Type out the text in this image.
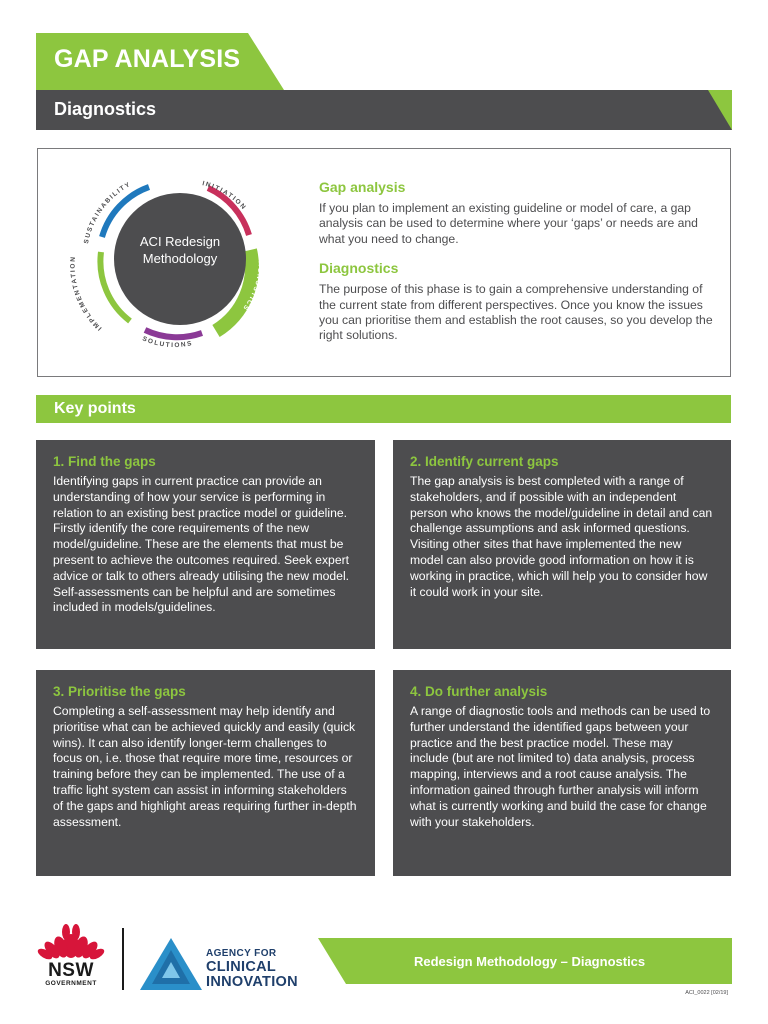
GAP ANALYSIS
Diagnostics
ACI Redesign
Methodology
INITIATION
DIAGNOSTICS
SOLUTIONS
IMPLEMENTATION
SUSTAINABILITY	Gap analysis

If you plan to implement an existing guideline or model of care, a gap analysis can be used to determine where your ‘gaps’ or needs are and what you need to change.

Diagnostics

The purpose of this phase is to gain a comprehensive understanding of the current state from different perspectives. Once you know the issues you can prioritise them and establish the root causes, so you develop the right solutions.

Key points
1. Find the gaps

Identifying gaps in current practice can provide an understanding of how your service is performing in relation to an existing best practice model or guideline. Firstly identify the core requirements of the new model/guideline. These are the elements that must be present to achieve the outcomes required. Seek expert advice or talk to others already utilising the new model. Self-assessments can be helpful and are sometimes included in models/guidelines.

2. Identify current gaps

The gap analysis is best completed with a range of stakeholders, and if possible with an independent person who knows the model/guideline in detail and can challenge assumptions and ask informed questions. Visiting other sites that have implemented the new model can also provide good information on how it is working in practice, which will help you to consider how it could work in your site.

3. Prioritise the gaps

Completing a self-assessment may help identify and prioritise what can be achieved quickly and easily (quick wins). It can also identify longer-term challenges to focus on, i.e. those that require more time, resources or training before they can be implemented. The use of a traffic light system can assist in informing stakeholders of the gaps and highlight areas requiring further in-depth assessment.

4. Do further analysis

A range of diagnostic tools and methods can be used to further understand the identified gaps between your practice and the best practice model. These may include (but are not limited to) data analysis, process mapping, interviews and a root cause analysis. The information gained through further analysis will inform what is currently working and build the case for change with your stakeholders.

NSW
GOVERNMENT
AGENCY FOR
CLINICAL
INNOVATION
Redesign Methodology – Diagnostics
ACI_0022 [02/19]
